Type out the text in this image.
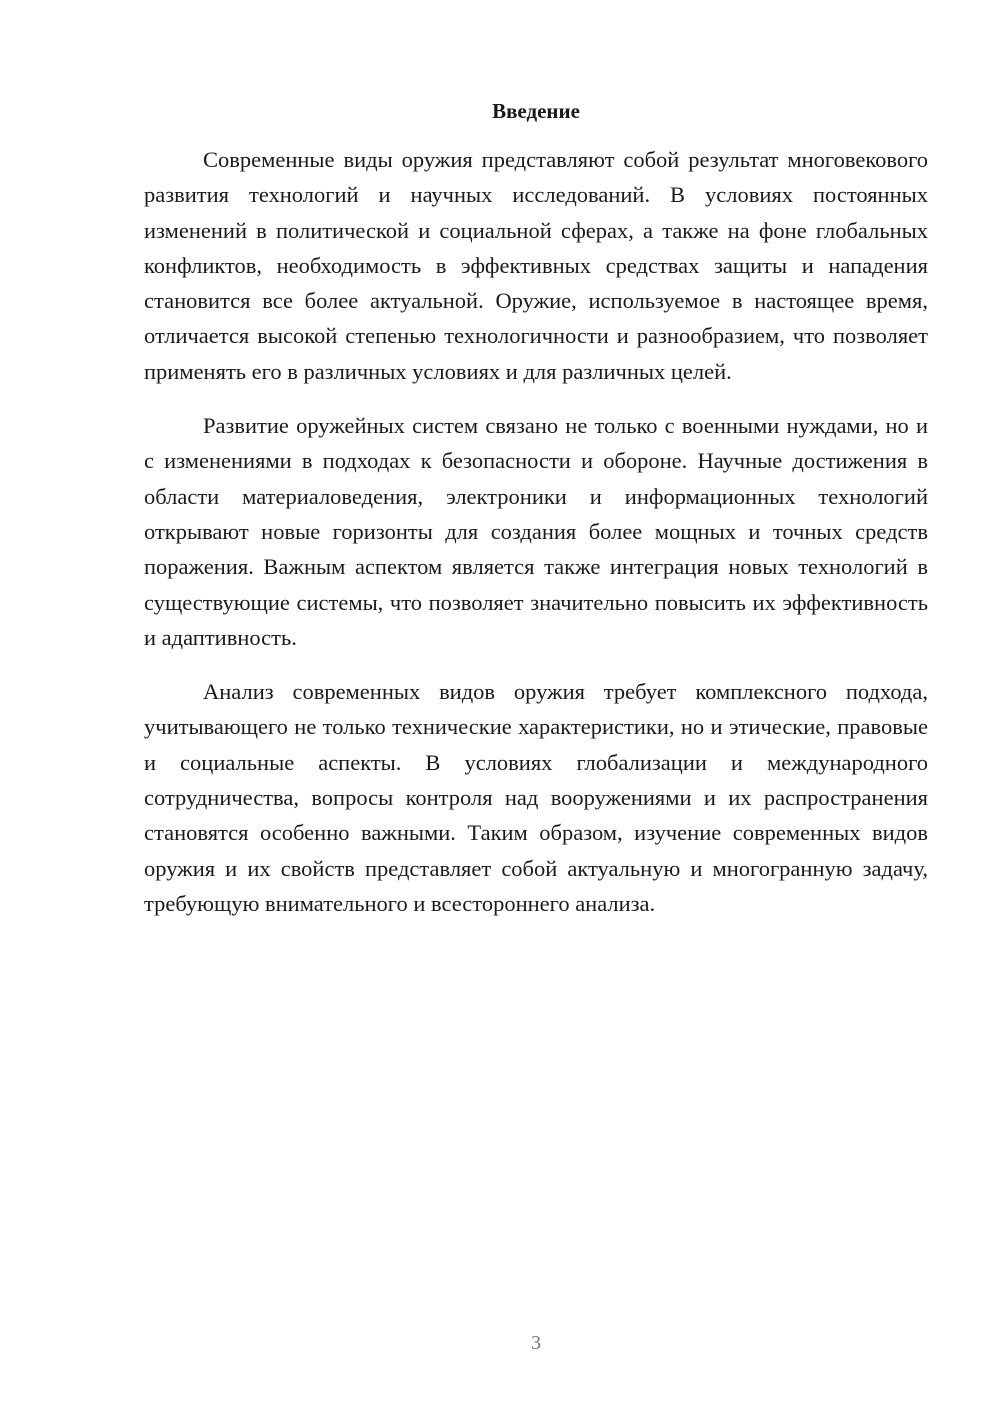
Введение

Современные виды оружия представляют собой результат многовекового развития технологий и научных исследований. В условиях постоянных изменений в политической и социальной сферах, а также на фоне глобальных конфликтов, необходимость в эффективных средствах защиты и нападения становится все более актуальной. Оружие, используемое в настоящее время, отличается высокой степенью технологичности и разнообразием, что позволяет применять его в различных условиях и для различных целей.

Развитие оружейных систем связано не только с военными нуждами, но и с изменениями в подходах к безопасности и обороне. Научные достижения в области материаловедения, электроники и информационных технологий открывают новые горизонты для создания более мощных и точных средств поражения. Важным аспектом является также интеграция новых технологий в существующие системы, что позволяет значительно повысить их эффективность и адаптивность.

Анализ современных видов оружия требует комплексного подхода, учитывающего не только технические характеристики, но и этические, правовые и социальные аспекты. В условиях глобализации и международного сотрудничества, вопросы контроля над вооружениями и их распространения становятся особенно важными. Таким образом, изучение современных видов оружия и их свойств представляет собой актуальную и многогранную задачу, требующую внимательного и всестороннего анализа.

3
